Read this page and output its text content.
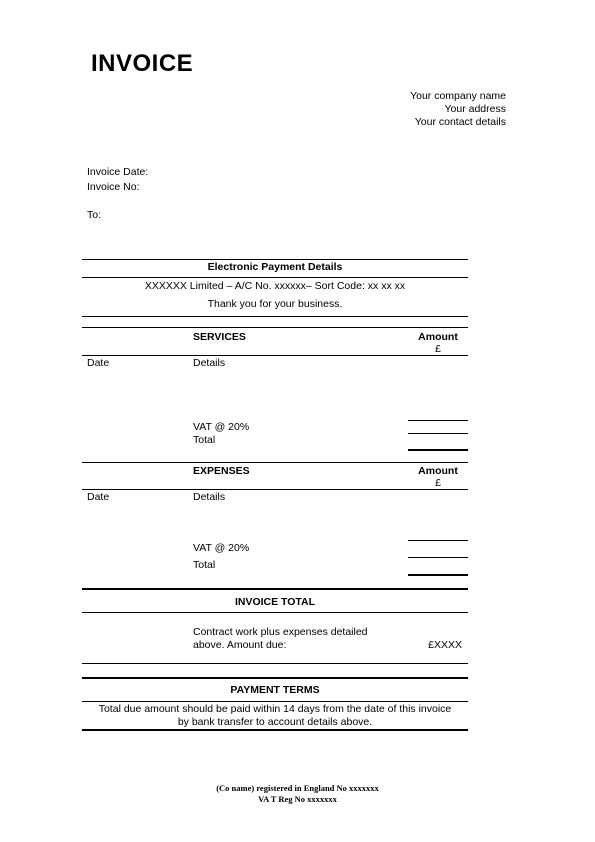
INVOICE
Your company name
Your address
Your contact details
Invoice Date:
Invoice No:
To:
Electronic Payment Details
XXXXXX Limited – A/C No. xxxxxx– Sort Code: xx xx xx
Thank you for your business.
SERVICES	Amount
£
Date	Details
VAT @ 20%
Total
EXPENSES	Amount
£
Date	Details
VAT @ 20%
Total
INVOICE TOTAL
Contract work plus expenses detailed
above. Amount due:	£XXXX
PAYMENT TERMS
Total due amount should be paid within 14 days from the date of this invoice
by bank transfer to account details above.
(Co name) registered in England No xxxxxxx
VA T Reg No xxxxxxx
